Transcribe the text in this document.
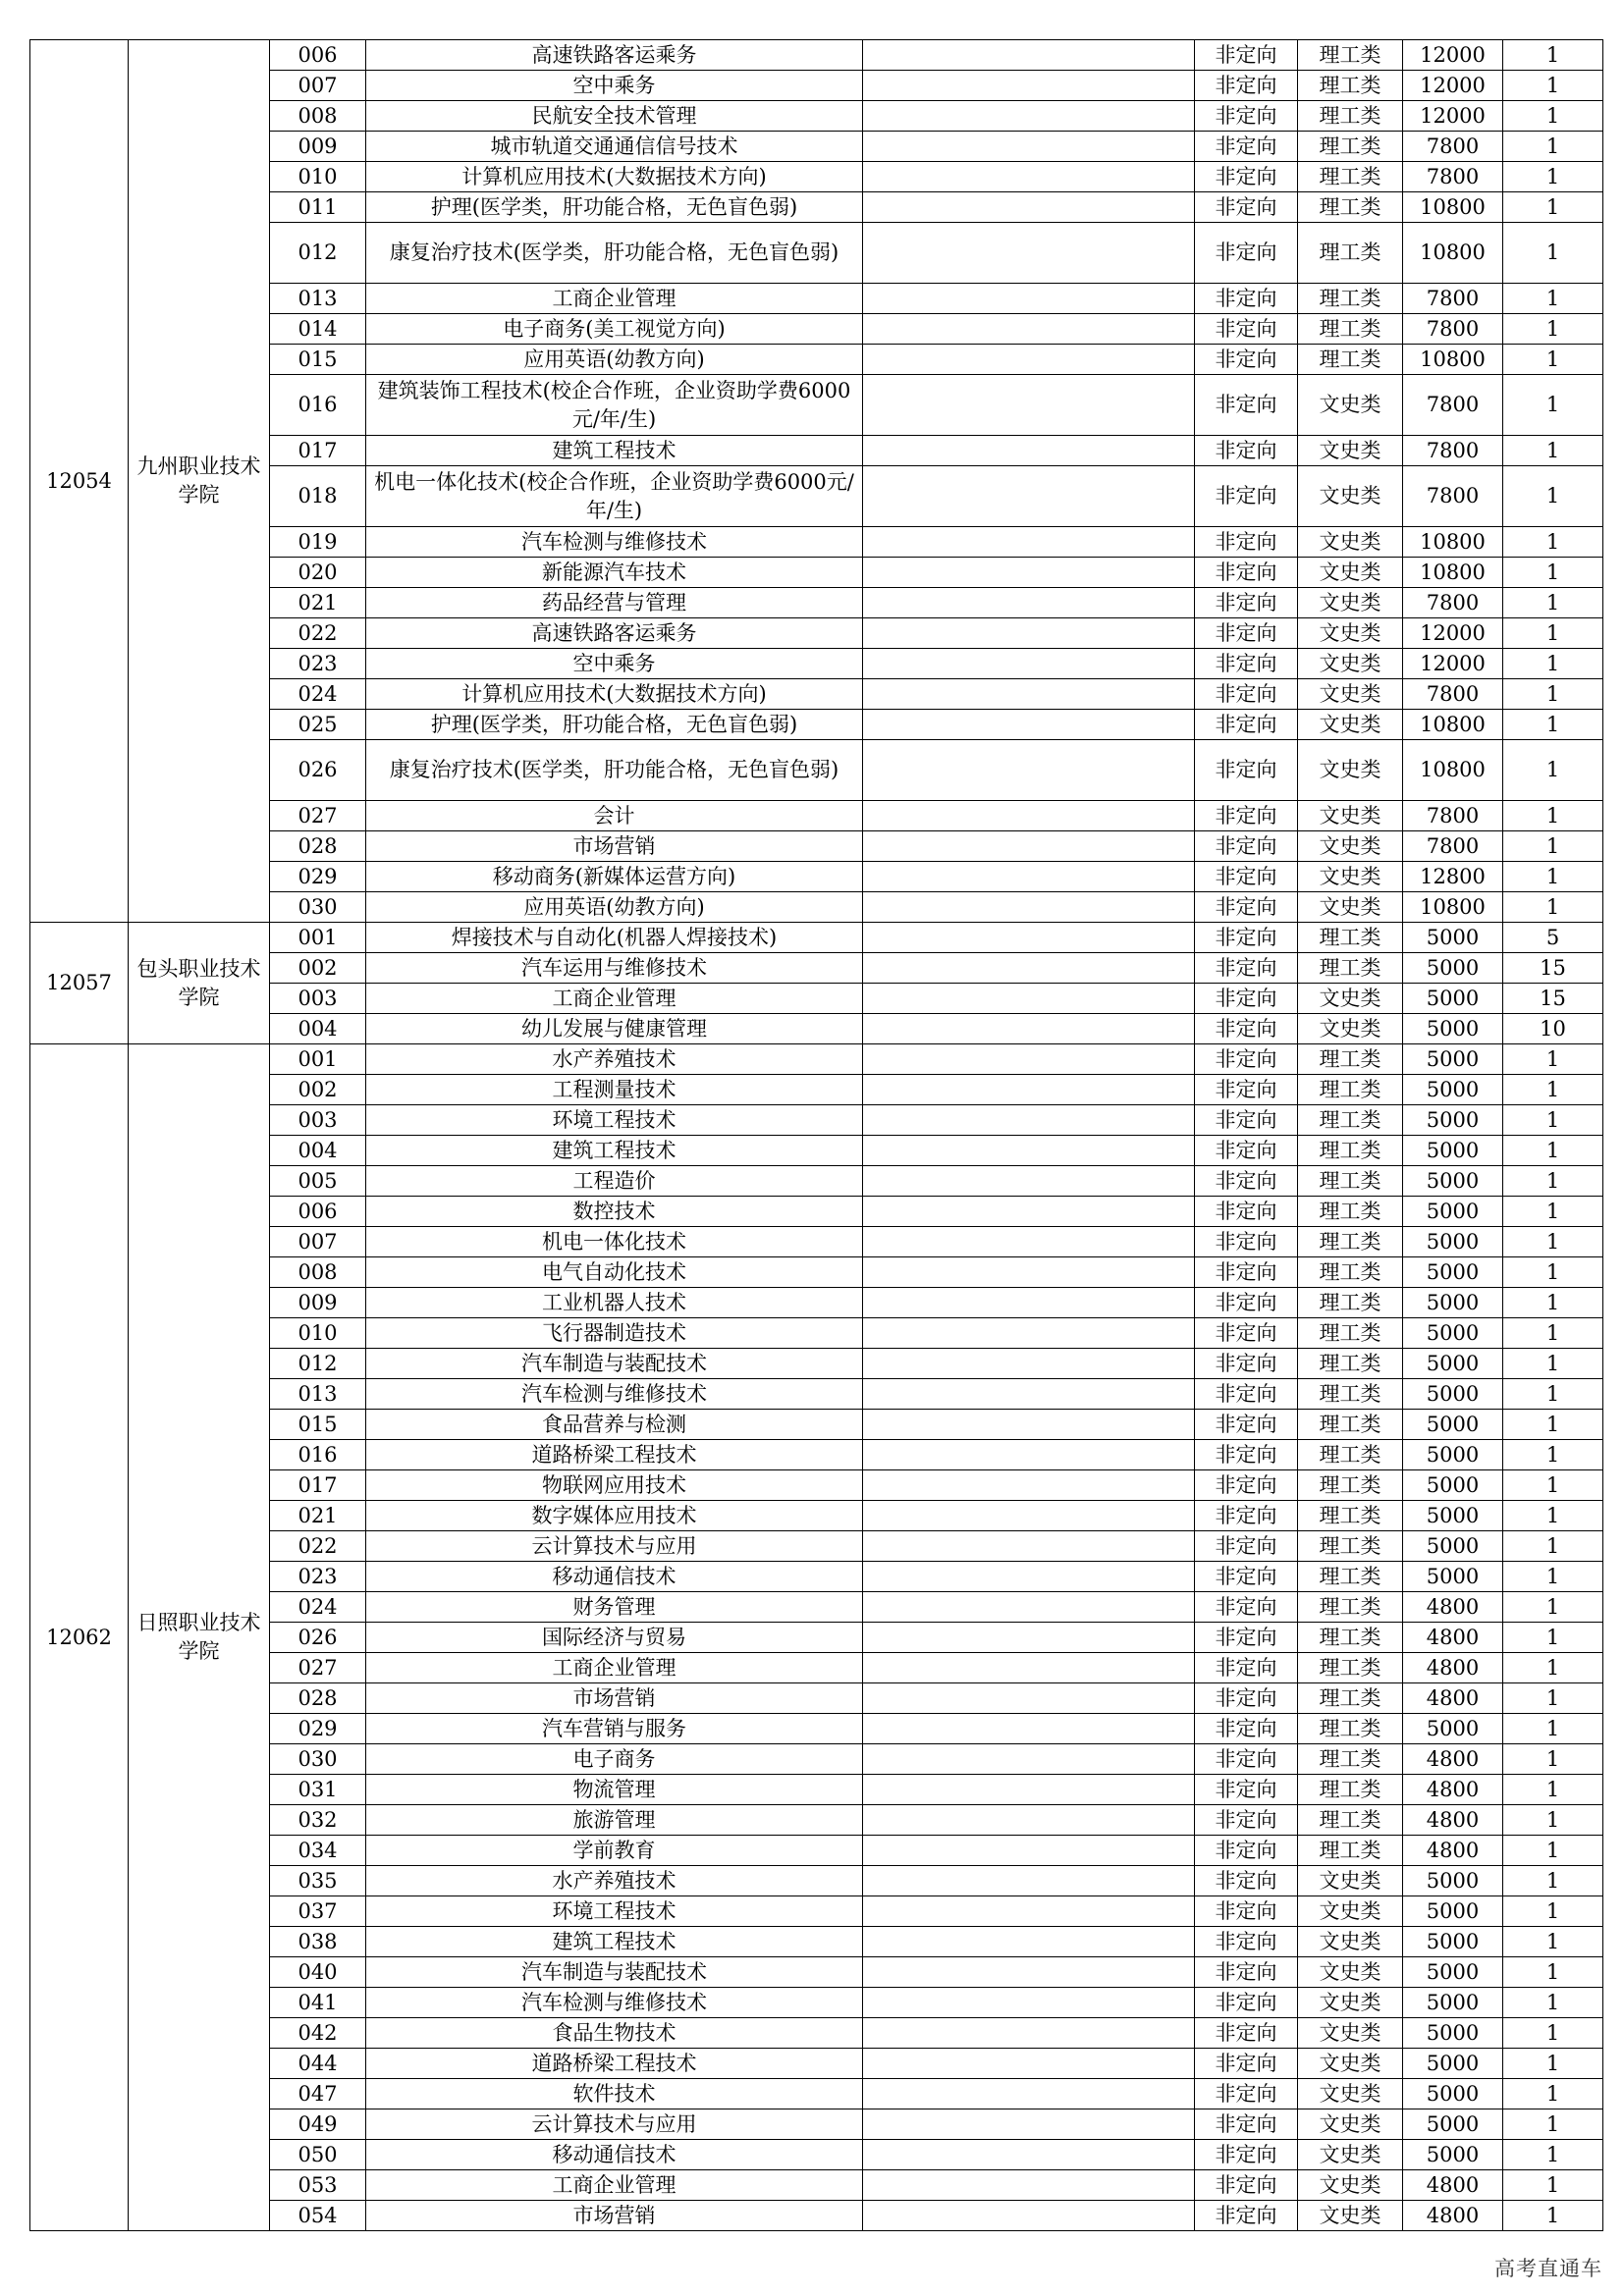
12054	九州职业技术学院	006	高速铁路客运乘务		非定向	理工类	12000	1
		007	空中乘务		非定向	理工类	12000	1
		008	民航安全技术管理		非定向	理工类	12000	1
		009	城市轨道交通通信信号技术		非定向	理工类	7800	1
		010	计算机应用技术(大数据技术方向)		非定向	理工类	7800	1
		011	护理(医学类，肝功能合格，无色盲色弱)		非定向	理工类	10800	1
		012	康复治疗技术(医学类，肝功能合格，无色盲色弱)		非定向	理工类	10800	1
		013	工商企业管理		非定向	理工类	7800	1
		014	电子商务(美工视觉方向)		非定向	理工类	7800	1
		015	应用英语(幼教方向)		非定向	理工类	10800	1
		016	建筑装饰工程技术(校企合作班，企业资助学费6000元/年/生)		非定向	文史类	7800	1
		017	建筑工程技术		非定向	文史类	7800	1
		018	机电一体化技术(校企合作班，企业资助学费6000元/年/生)		非定向	文史类	7800	1
		019	汽车检测与维修技术		非定向	文史类	10800	1
		020	新能源汽车技术		非定向	文史类	10800	1
		021	药品经营与管理		非定向	文史类	7800	1
		022	高速铁路客运乘务		非定向	文史类	12000	1
		023	空中乘务		非定向	文史类	12000	1
		024	计算机应用技术(大数据技术方向)		非定向	文史类	7800	1
		025	护理(医学类，肝功能合格，无色盲色弱)		非定向	文史类	10800	1
		026	康复治疗技术(医学类，肝功能合格，无色盲色弱)		非定向	文史类	10800	1
		027	会计		非定向	文史类	7800	1
		028	市场营销		非定向	文史类	7800	1
		029	移动商务(新媒体运营方向)		非定向	文史类	12800	1
		030	应用英语(幼教方向)		非定向	文史类	10800	1
12057	包头职业技术学院	001	焊接技术与自动化(机器人焊接技术)		非定向	理工类	5000	5
		002	汽车运用与维修技术		非定向	理工类	5000	15
		003	工商企业管理		非定向	文史类	5000	15
		004	幼儿发展与健康管理		非定向	文史类	5000	10
12062	日照职业技术学院	001	水产养殖技术		非定向	理工类	5000	1
		002	工程测量技术		非定向	理工类	5000	1
		003	环境工程技术		非定向	理工类	5000	1
		004	建筑工程技术		非定向	理工类	5000	1
		005	工程造价		非定向	理工类	5000	1
		006	数控技术		非定向	理工类	5000	1
		007	机电一体化技术		非定向	理工类	5000	1
		008	电气自动化技术		非定向	理工类	5000	1
		009	工业机器人技术		非定向	理工类	5000	1
		010	飞行器制造技术		非定向	理工类	5000	1
		012	汽车制造与装配技术		非定向	理工类	5000	1
		013	汽车检测与维修技术		非定向	理工类	5000	1
		015	食品营养与检测		非定向	理工类	5000	1
		016	道路桥梁工程技术		非定向	理工类	5000	1
		017	物联网应用技术		非定向	理工类	5000	1
		021	数字媒体应用技术		非定向	理工类	5000	1
		022	云计算技术与应用		非定向	理工类	5000	1
		023	移动通信技术		非定向	理工类	5000	1
		024	财务管理		非定向	理工类	4800	1
		026	国际经济与贸易		非定向	理工类	4800	1
		027	工商企业管理		非定向	理工类	4800	1
		028	市场营销		非定向	理工类	4800	1
		029	汽车营销与服务		非定向	理工类	5000	1
		030	电子商务		非定向	理工类	4800	1
		031	物流管理		非定向	理工类	4800	1
		032	旅游管理		非定向	理工类	4800	1
		034	学前教育		非定向	理工类	4800	1
		035	水产养殖技术		非定向	文史类	5000	1
		037	环境工程技术		非定向	文史类	5000	1
		038	建筑工程技术		非定向	文史类	5000	1
		040	汽车制造与装配技术		非定向	文史类	5000	1
		041	汽车检测与维修技术		非定向	文史类	5000	1
		042	食品生物技术		非定向	文史类	5000	1
		044	道路桥梁工程技术		非定向	文史类	5000	1
		047	软件技术		非定向	文史类	5000	1
		049	云计算技术与应用		非定向	文史类	5000	1
		050	移动通信技术		非定向	文史类	5000	1
		053	工商企业管理		非定向	文史类	4800	1
		054	市场营销		非定向	文史类	4800	1
高考直通车
